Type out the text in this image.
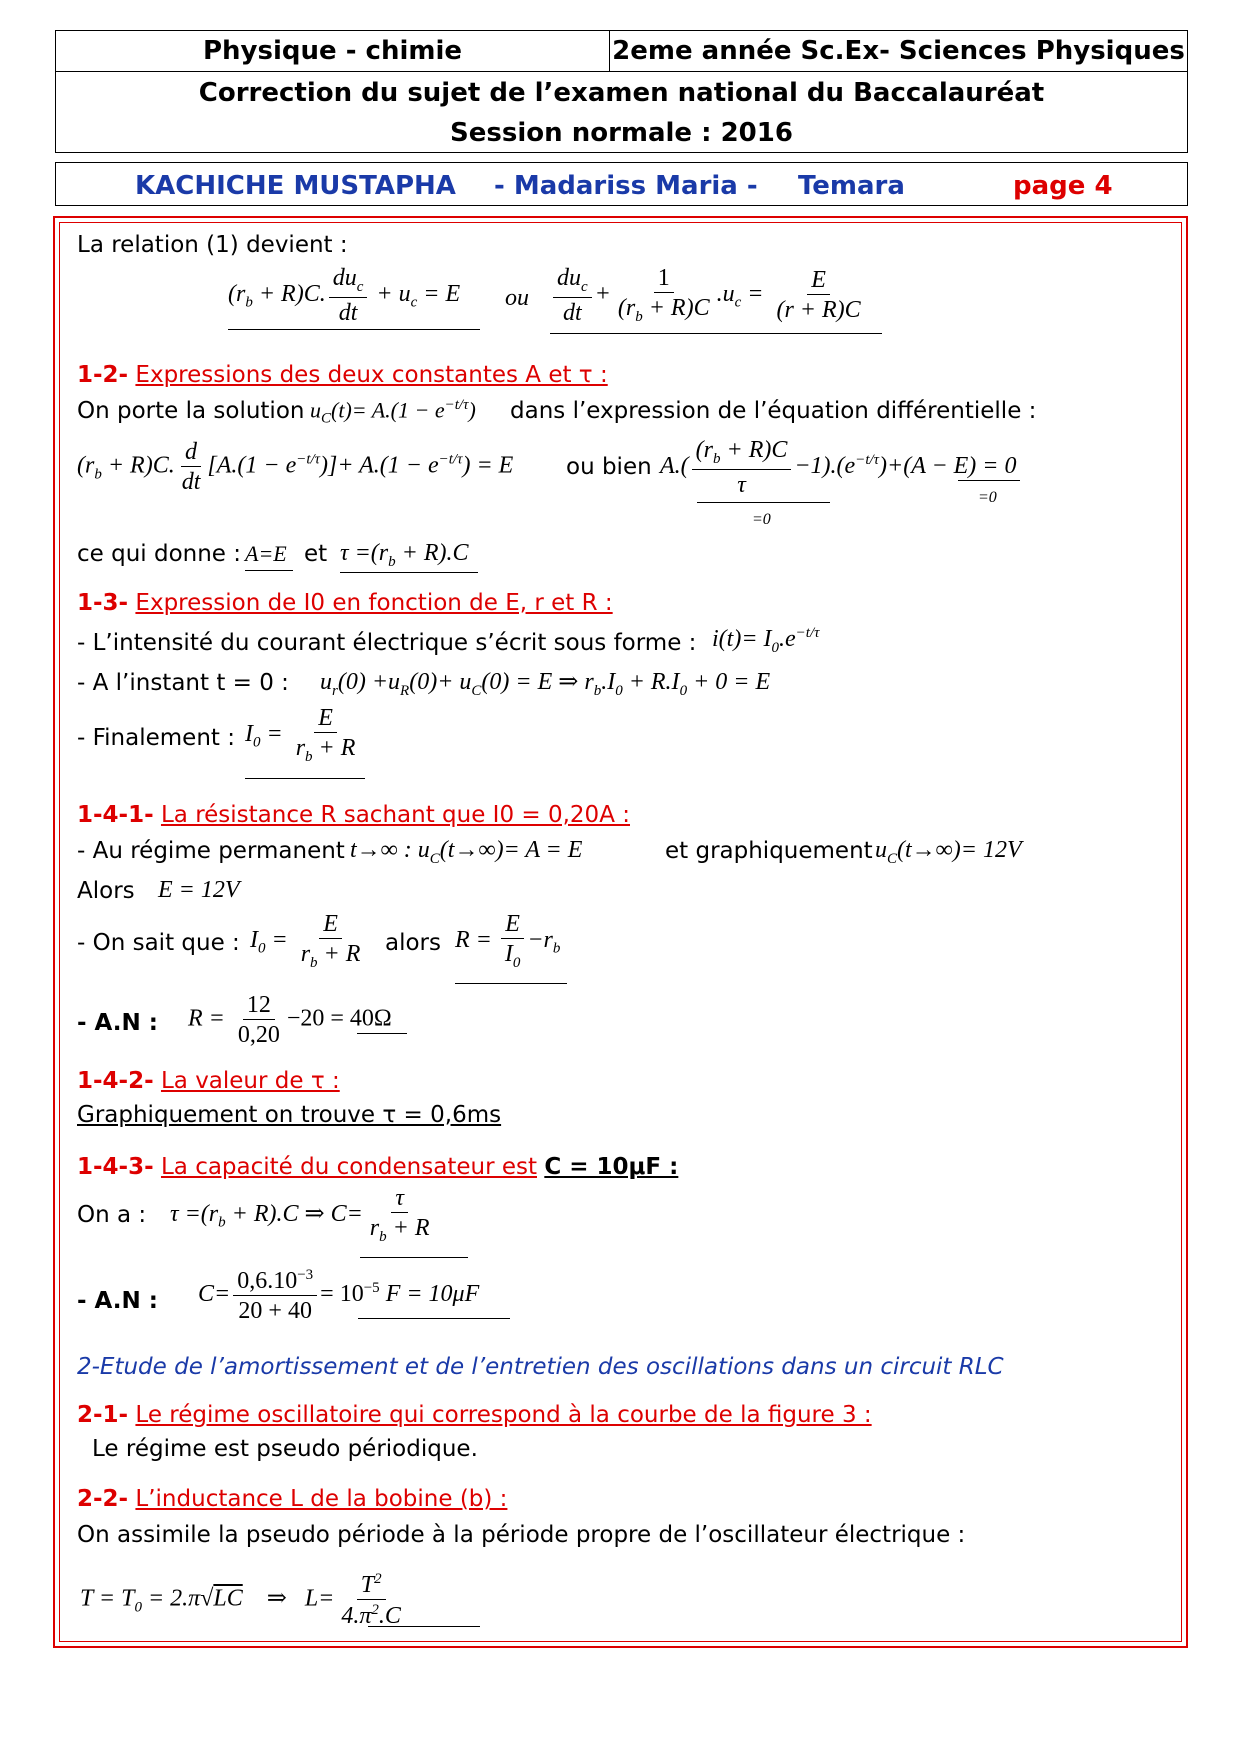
Physique - chimie	2eme année Sc.Ex- Sciences Physiques
Correction du sujet de l’examen national du Baccalauréat
Session normale : 2016
KACHICHE MUSTAPHA - Madariss Maria - Temara	page 4
La relation (1) devient :
$(r_b + R)C$. $\frac{du_c}{dt} + u_c = E$ ou $\frac{du_c}{dt} + \frac{1}{(r_b + R)C} .u_c = \frac{E}{(r + R)C}$
1-2- Expressions des deux constantes A et τ :
On porte la solution $u_C(t)= A.(1 - e^{-t/\tau})$ dans l’expression de l’équation différentielle :
$(r_b + R)C$. $\frac{d}{dt} [A.(1 - e^{-t/\tau})]+ A.(1 - e^{-t/\tau}) = E$ ou bien $A.( \frac{(r_b + R)C}{\tau} -1).(e^{-t/\tau})+(A - E) = 0$
=0
=0
ce qui donne : A=E et $\tau =(r_b + R).C$
1-3- Expression de I0 en fonction de E, r et R :
- L’intensité du courant électrique s’écrit sous forme : $i(t)= I_0.e^{-t/\tau}$
- A l’instant t = 0 : $u_r(0) +u_R(0)+ u_C(0) = E$ ⇒ $r_b.I_0 + R.I_0 + 0 = E$
- Finalement : $I_0 = \frac{E}{r_b + R}$
1-4-1- La résistance R sachant que I0 = 0,20A :
- Au régime permanent t→∞ : $u_C(t\to\infty)= A = E$	et graphiquement $u_C(t\to\infty)= 12V$
Alors E = 12V
- On sait que : $I_0 = \frac{E}{r_b + R}$ alors $R = \frac{E}{I_0} -r_b$
- A.N : $R = \frac{12}{0,20} -20 = 40\Omega$
1-4-2- La valeur de τ :
Graphiquement on trouve τ = 0,6ms
1-4-3- La capacité du condensateur est C = 10μF :
On a : $\tau =(r_b + R).C$ ⇒ $C= \frac{\tau}{r_b + R}$
- A.N : $C= \frac{0,6.10^{-3}}{20 + 40} = 10^{-5}$ F = 10μF
2-Etude de l’amortissement et de l’entretien des oscillations dans un circuit RLC
2-1- Le régime oscillatoire qui correspond à la courbe de la figure 3 :
Le régime est pseudo périodique.
2-2- L’inductance L de la bobine (b) :
On assimile la pseudo période à la période propre de l’oscillateur électrique :
$T = T_0 = 2.\pi√LC$    ⇒   $L= \frac{T^2}{4.\pi^2.C}$
